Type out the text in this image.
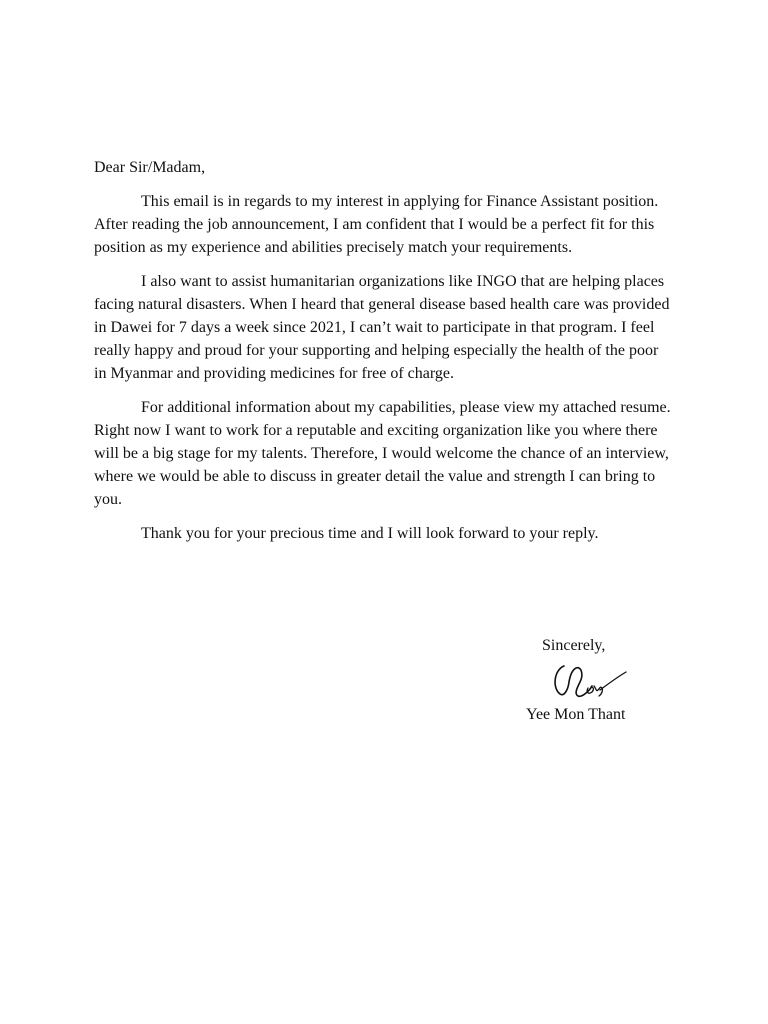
Dear Sir/Madam,

This email is in regards to my interest in applying for Finance Assistant position. After reading the job announcement, I am confident that I would be a perfect fit for this position as my experience and abilities precisely match your requirements.

I also want to assist humanitarian organizations like INGO that are helping places facing natural disasters. When I heard that general disease based health care was provided in Dawei for 7 days a week since 2021, I can’t wait to participate in that program. I feel really happy and proud for your supporting and helping especially the health of the poor in Myanmar and providing medicines for free of charge.

For additional information about my capabilities, please view my attached resume. Right now I want to work for a reputable and exciting organization like you where there will be a big stage for my talents. Therefore, I would welcome the chance of an interview, where we would be able to discuss in greater detail the value and strength I can bring to you.

Thank you for your precious time and I will look forward to your reply.

Sincerely,

Yee Mon Thant
